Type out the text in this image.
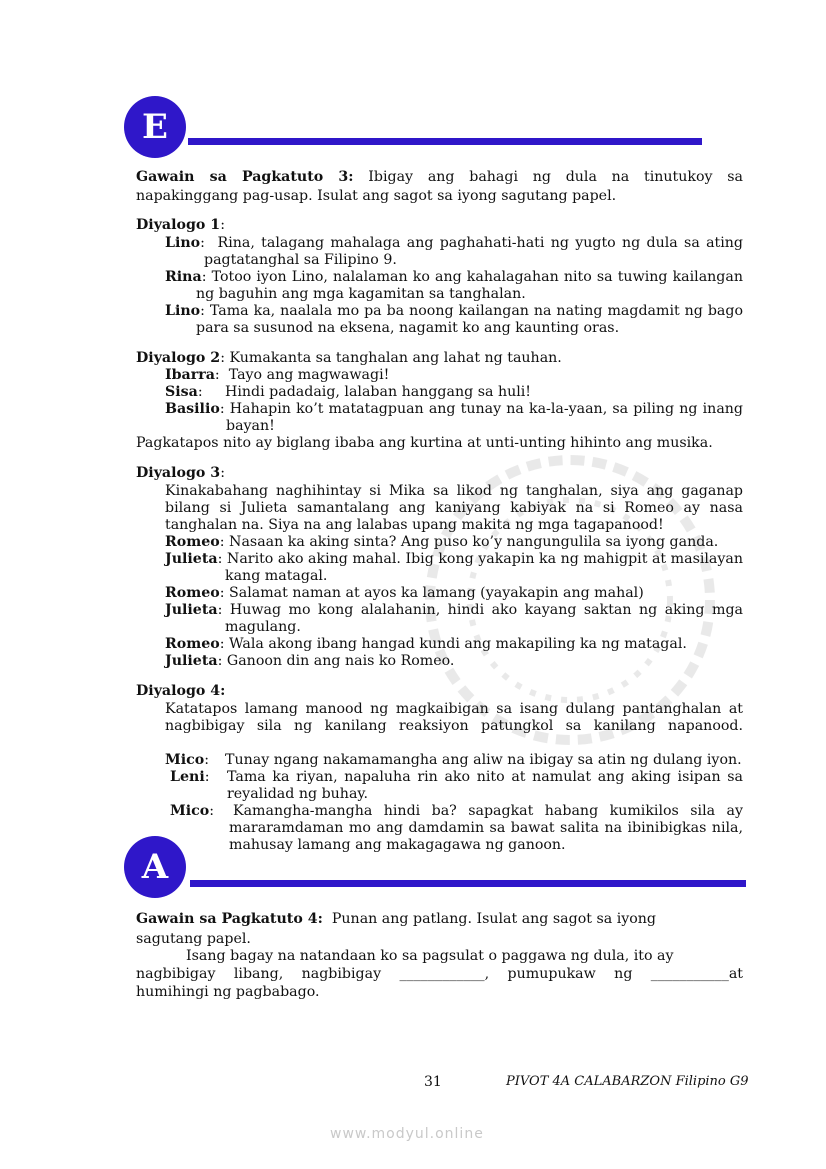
E
Gawain sa Pagkatuto 3: Ibigay ang bahagi ng dula na tinutukoy sa
napakinggang pag-usap. Isulat ang sagot sa iyong sagutang papel.
Diyalogo 1:
Lino:  Rina, talagang mahalaga ang paghahati-hati ng yugto ng dula sa ating
pagtatanghal sa Filipino 9.
Rina: Totoo iyon Lino, nalalaman ko ang kahalagahan nito sa tuwing kailangan
ng baguhin ang mga kagamitan sa tanghalan.
Lino: Tama ka, naalala mo pa ba noong kailangan na nating magdamit ng bago
para sa susunod na eksena, nagamit ko ang kaunting oras.
Diyalogo 2: Kumakanta sa tanghalan ang lahat ng tauhan.
Ibarra:  Tayo ang magwawagi!
Sisa: Hindi padadaig, lalaban hanggang sa huli!
Basilio: Hahapin ko’t matatagpuan ang tunay na ka-la-yaan, sa piling ng inang
bayan!
Pagkatapos nito ay biglang ibaba ang kurtina at unti-unting hihinto ang musika.
Diyalogo 3:
Kinakabahang naghihintay si Mika sa likod ng tanghalan, siya ang gaganap
bilang si Julieta samantalang ang kaniyang kabiyak na si Romeo ay nasa
tanghalan na. Siya na ang lalabas upang makita ng mga tagapanood!
Romeo: Nasaan ka aking sinta? Ang puso ko’y nangungulila sa iyong ganda.
Julieta: Narito ako aking mahal. Ibig kong yakapin ka ng mahigpit at masilayan
kang matagal.
Romeo: Salamat naman at ayos ka lamang (yayakapin ang mahal)
Julieta: Huwag mo kong alalahanin, hindi ako kayang saktan ng aking mga
magulang.
Romeo: Wala akong ibang hangad kundi ang makapiling ka ng matagal.
Julieta: Ganoon din ang nais ko Romeo.
Diyalogo 4:
Katatapos lamang manood ng magkaibigan sa isang dulang pantanghalan at
nagbibigay sila ng kanilang reaksiyon patungkol sa kanilang napanood.
Mico: Tunay ngang nakamamangha ang aliw na ibigay sa atin ng dulang iyon.
Leni: Tama ka riyan, napaluha rin ako nito at namulat ang aking isipan sa
reyalidad ng buhay.
Mico: Kamangha-mangha hindi ba? sapagkat habang kumikilos sila ay
mararamdaman mo ang damdamin sa bawat salita na ibinibigkas nila,
mahusay lamang ang makagagawa ng ganoon.
A
Gawain sa Pagkatuto 4: Punan ang patlang. Isulat ang sagot sa iyong
sagutang papel.
Isang bagay na natandaan ko sa pagsulat o paggawa ng dula, ito ay
nagbibigay libang, nagbibigay ____________, pumupukaw ng ___________at
humihingi ng pagbabago.
31	PIVOT 4A CALABARZON Filipino G9
www.modyul.online
